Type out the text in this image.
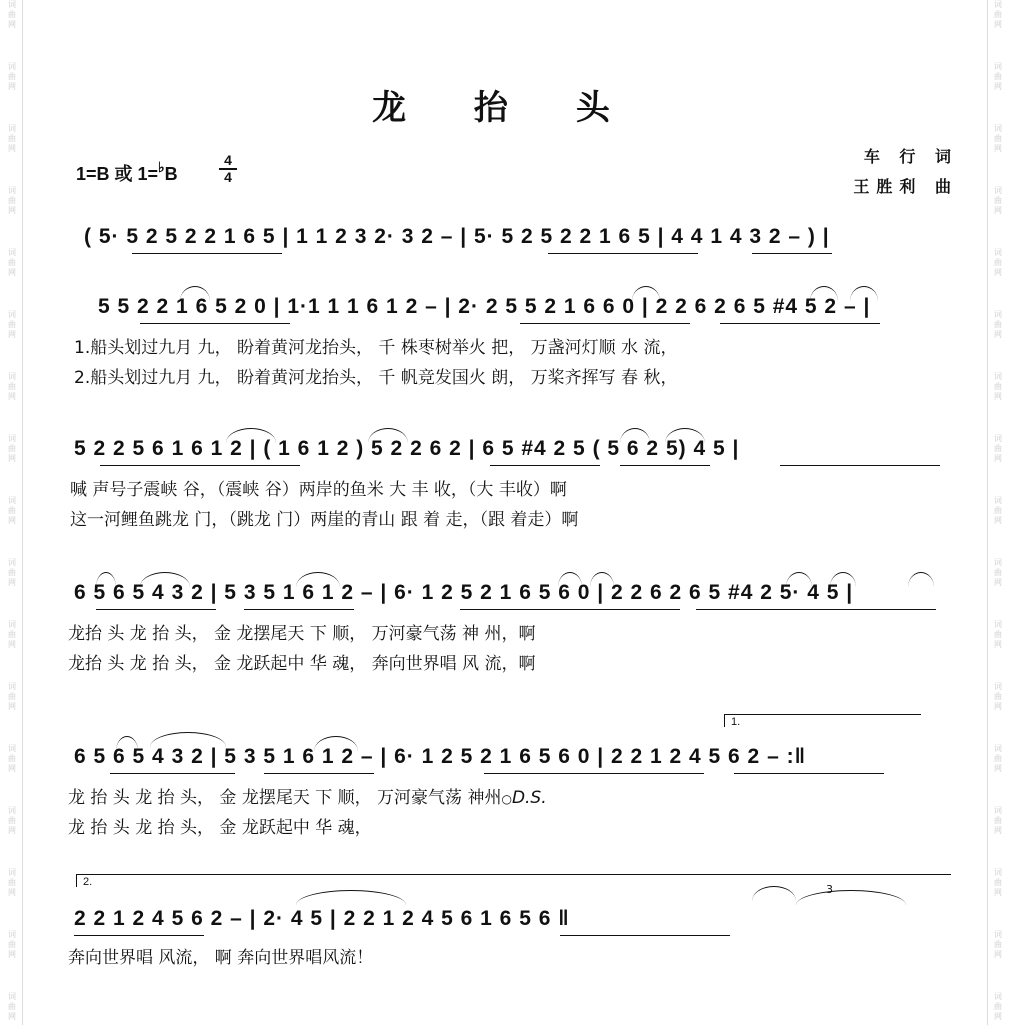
词曲网
词曲网
词曲网
词曲网
词曲网
词曲网
词曲网
词曲网
词曲网
词曲网
词曲网
词曲网
词曲网
词曲网
词曲网
词曲网
词曲网
词曲网
词曲网
词曲网
词曲网
词曲网
词曲网
词曲网
词曲网
词曲网
词曲网
词曲网
词曲网
词曲网
词曲网
词曲网
词曲网
词曲网
龙 抬 头
车 行 词
王胜利 曲
1=B 或 1=♭B
4
4
( 5· 5 2 5 2 2 1 6 5 | 1 1 2 3 2· 3 2 – | 5· 5 2 5 2 2 1 6 5 | 4 4 1 4 3 2 – ) |
5 5 2 2 1 6 5 2 0 | 1·1 1 1 6 1 2 – | 2· 2 5 5 2 1 6 6 0 | 2 2 6 2 6 5 #4 5 2 – |
1.船头划过九月 九， 盼着黄河龙抬头， 千 株枣树举火 把， 万盏河灯顺 水 流，
2.船头划过九月 九， 盼着黄河龙抬头， 千 帆竞发国火 朗， 万桨齐挥写 春 秋，
5 2 2 5 6 1 6 1 2 | ( 1 6 1 2 ) 5 2 2 6 2 | 6 5 #4 2 5 ( 5 6 2 5) 4 5 |
喊 声号子震峡 谷，（震峡 谷）两岸的鱼米 大 丰 收，（大 丰收）啊
这一河鲤鱼跳龙 门，（跳龙 门）两崖的青山 跟 着 走，（跟 着走）啊
6 5 6 5 4 3 2 | 5 3 5 1 6 1 2 – | 6· 1 2 5 2 1 6 5 6 0 | 2 2 6 2 6 5 #4 2 5· 4 5 |
龙抬 头 龙 抬 头， 金 龙摆尾天 下 顺， 万河豪气荡 神 州，啊
龙抬 头 龙 抬 头， 金 龙跃起中 华 魂， 奔向世界唱 风 流，啊
1.
6 5 6 5 4 3 2 | 5 3 5 1 6 1 2 – | 6· 1 2 5 2 1 6 5 6 0 | 2 2 1 2 4 5 6 2 – :‖
龙 抬 头 龙 抬 头， 金 龙摆尾天 下 顺， 万河豪气荡 神州○D.S.
龙 抬 头 龙 抬 头， 金 龙跃起中 华 魂，
2.
3
2 2 1 2 4 5 6 2 – | 2· 4 5 | 2 2 1 2 4 5 6 1 6 5 6 ‖
奔向世界唱 风流， 啊 奔向世界唱风流！
